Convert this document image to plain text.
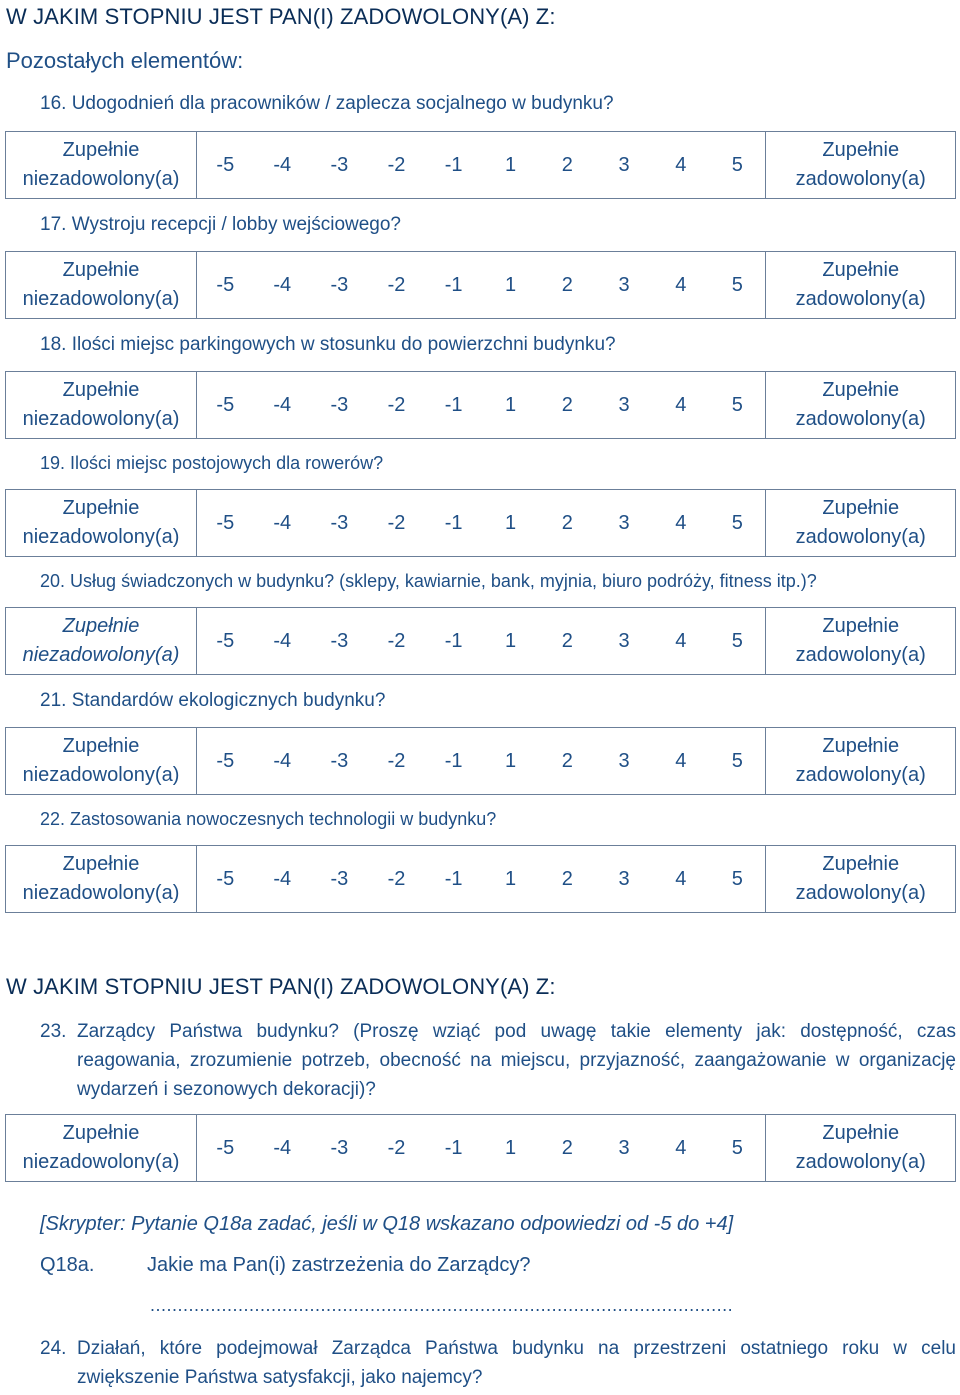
W JAKIM STOPNIU JEST PAN(I) ZADOWOLONY(A) Z:
Pozostałych elementów:
16. Udogodnień dla pracowników / zaplecza socjalnego w budynku?
Zupełnie
niezadowolony(a)	-5	-4	-3	-2	-1	1	2	3	4	5	Zupełnie
zadowolony(a)
17. Wystroju recepcji / lobby wejściowego?
Zupełnie
niezadowolony(a)	-5	-4	-3	-2	-1	1	2	3	4	5	Zupełnie
zadowolony(a)
18. Ilości miejsc parkingowych w stosunku do powierzchni budynku?
Zupełnie
niezadowolony(a)	-5	-4	-3	-2	-1	1	2	3	4	5	Zupełnie
zadowolony(a)
19. Ilości miejsc postojowych dla rowerów?
Zupełnie
niezadowolony(a)	-5	-4	-3	-2	-1	1	2	3	4	5	Zupełnie
zadowolony(a)
20. Usług świadczonych w budynku? (sklepy, kawiarnie, bank, myjnia, biuro podróży, fitness itp.)?
Zupełnie
niezadowolony(a)	-5	-4	-3	-2	-1	1	2	3	4	5	Zupełnie
zadowolony(a)
21. Standardów ekologicznych budynku?
Zupełnie
niezadowolony(a)	-5	-4	-3	-2	-1	1	2	3	4	5	Zupełnie
zadowolony(a)
22. Zastosowania nowoczesnych technologii w budynku?
Zupełnie
niezadowolony(a)	-5	-4	-3	-2	-1	1	2	3	4	5	Zupełnie
zadowolony(a)
W JAKIM STOPNIU JEST PAN(I) ZADOWOLONY(A) Z:
23. Zarządcy Państwa budynku? (Proszę wziąć pod uwagę takie elementy jak: dostępność, czas reagowania, zrozumienie potrzeb, obecność na miejscu, przyjazność, zaangażowanie w organizację wydarzeń i sezonowych dekoracji)?
Zupełnie
niezadowolony(a)	-5	-4	-3	-2	-1	1	2	3	4	5	Zupełnie
zadowolony(a)
[Skrypter: Pytanie Q18a zadać, jeśli w Q18 wskazano odpowiedzi od -5 do +4]
Q18a.	Jakie ma Pan(i) zastrzeżenia do Zarządcy?
..........................................................................................................
24. Działań, które podejmował Zarządca Państwa budynku na przestrzeni ostatniego roku w celu zwiększenie Państwa satysfakcji, jako najemcy?
